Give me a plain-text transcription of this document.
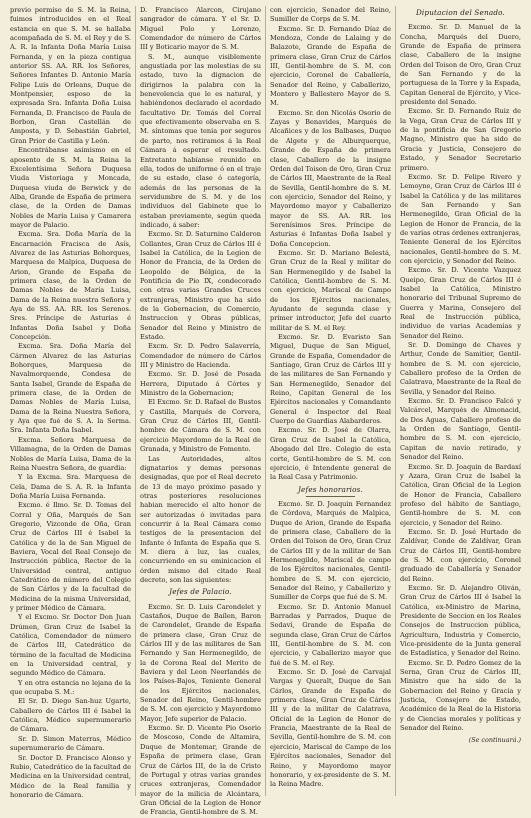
previo permiso de S. M. la Reina, fuimos introducidos en el Real estancia en que S. M. se hallaba acompañada de S. M. el Rey y de S. A. R. la Infanta Doña María Luisa Fernanda, y en la pieza contigua anterior SS. AA. RR. los Señores, Señores Infantes D. Antonio María Felipe Luis de Orleans, Duque de Montpensier, esposo de la expresada Sra. Infanta Doña Luisa Fernanda, D. Francisco de Paula de Borbon, Gran Castellán de Amposta, y D. Sebastián Gabriel, Gran Prior de Castilla y León.

Encontrábanse asimismo en el aposento de S. M. la Reina la Excelentísima Señora Duquesa Viuda Vistoriaga y Moncada, Duquesa viuda de Berwick y de Alba, Grande de España de primera clase, de la Orden de Damas Nobles de María Luisa y Camarera mayor de Palacio.

Excma. Sra. Doña María de la Encarnación Fracisca de Asís, Alvarez de las Asturias Bohorques, Marquesa de Malpica, Duquesa de Arion, Grande de España de primera clase, de la Orden de Damas Nobles de María Luisa, Dama de la Reina nuestra Señora y Aya de SS. AA. RR. los Serenos. Sres. Príncipe de Asturias é Infantas Doña Isabel y Doña Concepción.

Excma. Sra. Doña María del Cármen Alvarez de las Asturias Bohorques, Marquesa de Navalmorquende, Condesa de Santa Isabel, Grande de España de primera clase, de la Orden de Damas Nobles de María Luisa, Dama de la Reina Nuestra Señora, y Aya que fué de S. A. la Serma. Sra. Infanta Doña Isabel.

Excma. Señora Marquesa de Villamagna, de la Orden de Damas Nobles de María Luisa, Dama de la Reina Nuestra Señora, de guardia:

Y la Excma. Sra. Marquesa de Cela, Dama de S. A. R. la Infanta Doña María Luisa Fernanda.

Excmo. é Ilmo. Sr. D. Tomas del Corral y Oña, Marqués de San Gregorio, Vizconde de Oña, Gran Cruz de Cárlos III é Isabel la Católica y de la de San Miguel de Baviera, Vocal del Real Consejo de Instrucción pública, Rector de la Universidad central, antiguo Catedrático de número del Colegio de San Cárlos y de la facultad de Medicina de la misma Universidad, y primer Médico de Cámara.

Y el Excmo. Sr. Doctor Don Juan Drúmen, Gran Cruz de Isabel la Católica, Comendador de número de Cárlos III, Catedrático de término de la facultad de Medicina en la Universidad central, y segundo Médico de Cámara.

Y en otra estancia no lejana de la que ocupaba S. M.:

El Sr. D. Diego San-huz Ugarte, Caballero de Cárlos III é Isabel la Católica, Médico supernumerario de Cámara.

Sr. D. Simon Materras, Médico supernumerario de Cámara.

Sr. Doctor D. Francisco Alonso y Rubio, Catedrático de la facultad de Medicina en la Universidad central, Médico de la Real familia y honorario de Cámara.

D. Francisco Alarcon, Cirujano sangrador de cámara. Y el Sr. D. Miguel Polo y Lorenzo, Comendador de número de Cárlos III y Boticario mayor de S. M.

S. M., aunque visiblemente angustiada por las molestias de su estado, tuvo la dignacion de dirigirnos la palabra con la benevolencia que le es natural, y habiéndonos declarado el acordado facultativo Dr. Tomás del Corral que efectivamente observaba en S. M. síntomas que tenia por seguros de parto, nos retiramos á la Real Cámara á esperar el resultado. Entretanto habíanse reunido en ella, todos de uniforme ó en el traje de su estado, clase ó categoría, además de las personas de la servidumbre de S. M. y de los individuos del Gabinete que lo estaban previamente, según queda indicado, á saber:

Excmo. Sr. D. Saturnino Calderon Collantes, Gran Cruz de Cárlos III é Isabel la Católica, de la Legion de Honor de Francia, de la Orden de Leopoldo de Bélgica, de la Pontificia de Pio IX, condecorado con otras varias Grandes Cruces extranjeras, Ministro que ha sido de la Gobernacion, de Comercio, Instruccion y Obras públicas, Senador del Reino y Ministro de Estado.

Excm. Sr. D. Pedro Salaverría, Comendador de número de Cárlos III y Ministro de Hacienda.

Excmo. Sr. D. José de Posada Herrera, Diputado á Córtes y Ministro de la Gobernacion;

El Excmo. Sr. D. Rafael de Bustos y Castilla, Marqués de Corvera, Gran Cruz de Cárlos III, Gentil-hombre de Cámara de S. M. con ejercicio Mayordomo de la Real de Granada, y Ministro de Fomento.

Las Autoridades, altos dignatarios y demas personas designadas, que por el Real decreto de 13 de mayo próximo pasado y otras posteriores resoluciones habian merecido el alto honor de ser autorizadas ó invitadas para concurrir á la Real Cámara como testigos de la presentacion del Infante ó Infanta de España que S. M. diera á luz, las cuales, concurriendo en su eminicacion el órden mismo del citado Real decreto, son las siguientes:

Jefes de Palacio.

Excmo. Sr. D. Luis Carondelet y Castaños, Duque de Baílen, Baron de Carondelet, Grande de España de primera clase, Gran Cruz de Cárlos III y de las militares de San Fernando y San Hermenegildo, de la de Corona Real del Merito de Baviera y del Leon Neerlandés de los Países-Bajos, Teniente General de los Ejércitos nacionales, Senador del Reino, Gentil-hombre de S. M. con ejercicio y Mayordomo Mayor, Jefe superior de Palacio.

Excmo. Sr. D. Vicente Pio Osorio de Moscoso, Conde de Altamira, Duque de Montemar, Grande de España de primera clase, Gran Cruz de Cárlos III, de la de Cristo de Portugal y otras varias grandes cruces extranjeras, Comendador mayor de la milicia de Alcántara, Gran Oficial de la Legion de Honor de Francia, Gentil-hombre de S. M.

con ejercicio, Senador del Reino, Sumiller de Corps de S. M.

Excmo. Sr. D. Fernando Díaz de Mendoza, Conde de Lalaing y de Balazote, Grande de España de primera clase, Gran Cruz de Cárlos III, Gentil-hombre de S. M. con ejercicio, Coronel de Caballería, Senador del Reino, y Caballerizo, Montero y Ballestero Mayor de S. M.

Excmo. Sr. don Nicolás Osorio de Zayas y Benavides, Marqués de Alcañices y de los Balbases, Duque de Algete y de Alburquerque, Grande de España de primera clase, Caballero de la insigne Orden del Toison de Oro, Gran Cruz de Cárlos III, Maestrante de la Real de Sevilla, Gentil-hombre de S. M. con ejercicio, Senador del Reino, y Mayordomo mayor y Caballerizo mayor de SS. AA. RR. los Serenísimos Sres. Príncipe de Asturias é Infantas Doña Isabel y Doña Concepcion.

Excmo. Sr. D. Mariano Belestá, Gran Cruz de la Real y militar de San Hermenegildo y de Isabel la Católica, Gentil-hombre de S. M. con ejercicio, Mariscal de Campo de los Ejércitos nacionales, Ayudante de segunda clase y primer introductor, Jefe del cuarto militar de S. M. el Rey.

Excmo. Sr. D. Evaristo San Miguel, Duque de San Miguel, Grande de España, Comendador de Santiago, Gran Cruz de Cárlos III y de las militares de San Fernando y San Hermenegildo, Senador del Reino, Capitan General de los Ejércitos nacionales y Comandante General é Inspector del Real Cuerpo de Guardias Alabarderos.

Excmo. Sr. D. José de Olarra, Gran Cruz de Isabel la Católica, Abogado del Ilre. Colegio de esta corte, Gentil-hombre de S. M. con ejercicio, é Intendente general de la Real Casa y Patrimonio.

Jefes honorarios.

Excmo. Sr. D. Joaquin Fernandez de Córdova, Marqués de Malpica, Duque de Arion, Grande de España de primera clase, Caballero de la Orden del Toison de Oro, Gran Cruz de Cárlos III y de la militar de San Hermenegildo, Mariscal de campo de los Ejércitos nacionales, Gentil-hombre de S. M. con ejercicio, Senador del Reino, y Caballerizo y Sumiller de Corps que fué de S. M.

Excmo. Sr. D. Antonio Manuel Barradas y Parrados, Duque de Sedaví, Grande de España de segunda clase, Gran Cruz de Cárlos III, Gentil-hombre de S. M. con ejercicio, y Caballerizo mayor que fué de S. M. el Rey.

Excmo. Sr. D. José de Carvajal Vargas y Queralt, Duque de San Cárlos, Grande de España de primera clase, Gran Cruz de Cárlos III y de la militar de Calatrava, Oficial de la Legion de Honor de Francia, Maestrante de la Real de Sevilla, Gentil-hombre de S. M. con ejercicio, Mariscal de Campo de los Ejércitos nacionales, Senador del Reino, y Mayordomo mayor honorario, y ex-presidente de S. M. la Reina Madre.

Diputacion del Senado.

Excmo. Sr. D. Manuel de la Concha, Marqués del Duero, Grande de España de primera clase, Caballero de la insigne Orden del Toison de Oro, Gran Cruz de San Fernando y de la portuguesa de la Torre y la Espada, Capitan General de Ejército, y Vice-presidente del Senado.

Excmo. Sr. D. Fernando Ruiz de la Vega, Gran Cruz de Cárlos III y de la pontificia de San Gregorio Magno, Ministro que ha sido de Gracia y Justicia, Consejero de Estado, y Senador Secretario primero.

Excmo. Sr. D. Felipe Rivero y Lemoyne, Gran Cruz de Cárlos III é Isabel la Católica y de las militares de San Fernando y San Hermenegildo, Gran Oficial de la Legion de Honor de Francia, de la de varias otras órdenes extranjeras, Teniente General de los Ejércitos nacionales, Gentil-hombre de S. M. con ejercicio, y Senador del Reino.

Excmo. Sr. D. Vicente Vazquez Queipo, Gran Cruz de Cárlos III é Isabel la Católica, Ministro honorario del Tribunal Supremo de Guerra y Marina, Consejero del Real de Instrucción pública, individuo de varias Academias y Senador del Reino.

Sr. D. Domingo de Chaves y Arthur, Conde de Samitier, Gentil-hombre de S. M. con ejercicio, Caballero profeso de la Orden de Calatrava, Maestrante de la Real de Sevilla, y Senador del Reino.

Excmo. Sr. D. Francisco Falcó y Valcárcel, Marqués de Almonacid, de Dos Aguas, Caballero profeso de la Orden de Santiago, Gentil-hombre de S. M. con ejercicio, Capitan de navío retirado, y Senador del Reino.

Excmo. Sr. D. Joaquin de Bardaxí y Azara, Gran Cruz de Isabel la Católica, Gran Oficial de la Legion de Honor de Francia, Caballero profeso del hábito de Santiago, Gentil-hombre de S. M. con ejercicio, y Senador del Reino.

Excmo. Sr. D. José Hurtado de Zaldívar, Conde de Zaldívar, Gran Cruz de Cárlos III, Gentil-hombre de S. M. con ejercicio, Coronel graduado de Caballería y Senador del Reino.

Excmo. Sr. D. Alejandro Oliván, Gran Cruz de Cárlos III é Isabel la Católica, ex-Ministro de Marina, Presidente de Seccion en los Reales Consejos de Instruccion pública, Agricultura, Industria y Comercio, Vice-presidente de la Junta general de Estadística, y Senador del Reino.

Excmo. Sr. D. Pedro Gomez de la Serna, Gran Cruz de Cárlos III, Ministro que ha sido de la Gobernacion del Reino y Gracia y Justicia, Consejero de Estado, Académico de la Real de la Historia y de Ciencias morales y políticas y Senador del Reino.

(Se continuará.)
